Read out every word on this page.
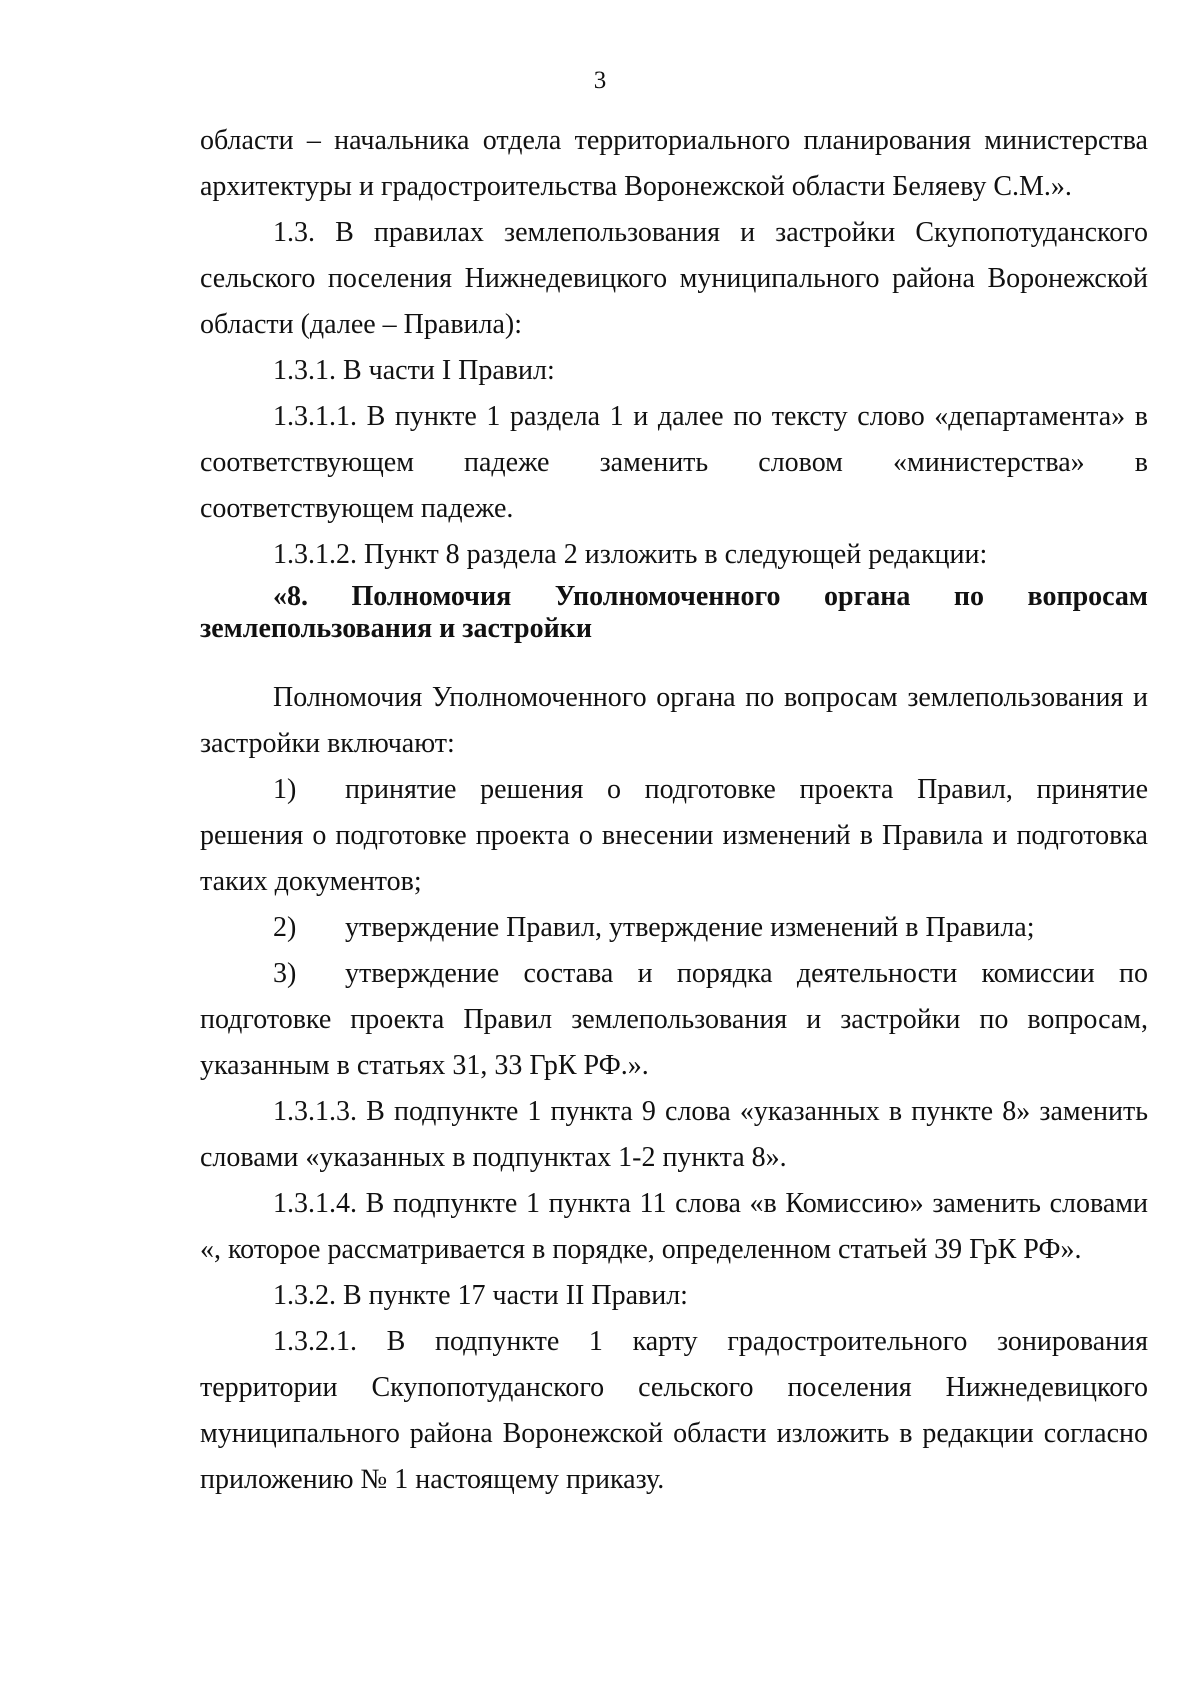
3

области – начальника отдела территориального планирования министерства архитектуры и градостроительства Воронежской области Беляеву С.М.».

1.3. В правилах землепользования и застройки Скупопотуданского сельского поселения Нижнедевицкого муниципального района Воронежской области (далее – Правила):

1.3.1. В части I Правил:

1.3.1.1. В пункте 1 раздела 1 и далее по тексту слово «департамента» в соответствующем падеже заменить словом «министерства» в соответствующем падеже.

1.3.1.2. Пункт 8 раздела 2 изложить в следующей редакции:

«8. Полномочия Уполномоченного органа по вопросам землепользования и застройки

Полномочия Уполномоченного органа по вопросам землепользования и застройки включают:

1) принятие решения о подготовке проекта Правил, принятие решения о подготовке проекта о внесении изменений в Правила и подготовка таких документов;

2) утверждение Правил, утверждение изменений в Правила;

3) утверждение состава и порядка деятельности комиссии по подготовке проекта Правил землепользования и застройки по вопросам, указанным в статьях 31, 33 ГрК РФ.».

1.3.1.3. В подпункте 1 пункта 9 слова «указанных в пункте 8» заменить словами «указанных в подпунктах 1-2 пункта 8».

1.3.1.4. В подпункте 1 пункта 11 слова «в Комиссию» заменить словами «, которое рассматривается в порядке, определенном статьей 39 ГрК РФ».

1.3.2. В пункте 17 части II Правил:

1.3.2.1. В подпункте 1 карту градостроительного зонирования территории Скупопотуданского сельского поселения Нижнедевицкого муниципального района Воронежской области изложить в редакции согласно приложению № 1 настоящему приказу.
